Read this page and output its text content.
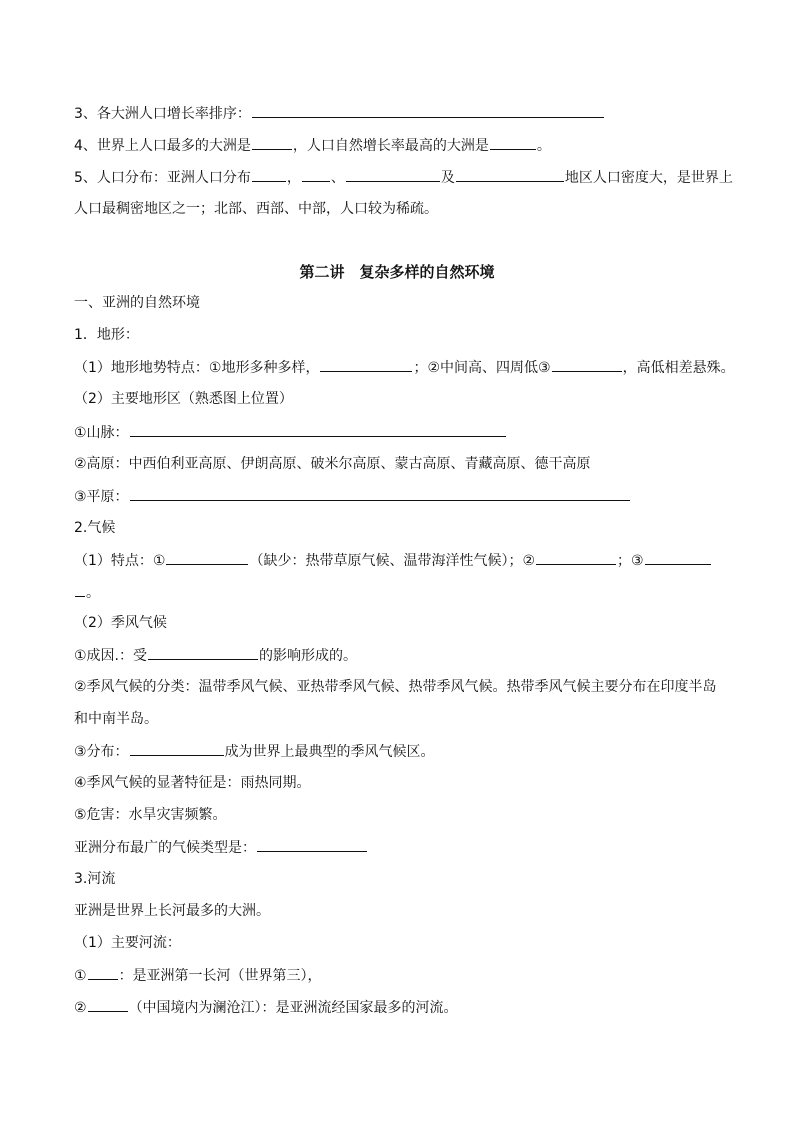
3、各大洲人口增长率排序：
4、世界上人口最多的大洲是	，人口自然增长率最高的大洲是	。
5、人口分布：亚洲人口分布	， 、	及	地区人口密度大，是世界上
人口最稠密地区之一；北部、西部、中部，人口较为稀疏。
第二讲　复杂多样的自然环境
一、亚洲的自然环境
1．地形：
（1）地形地势特点：①地形多种多样，	；②中间高、四周低③	，高低相差悬殊。
（2）主要地形区（熟悉图上位置）
①山脉：
②高原：中西伯利亚高原、伊朗高原、破米尔高原、蒙古高原、青藏高原、德干高原
③平原：
2.气候
（1）特点：①	（缺少：热带草原气候、温带海洋性气候）；②	；③
。
（2）季风气候
①成因.：受	的影响形成的。
②季风气候的分类：温带季风气候、亚热带季风气候、热带季风气候。热带季风气候主要分布在印度半岛
和中南半岛。
③分布：	成为世界上最典型的季风气候区。
④季风气候的显著特征是：雨热同期。
⑤危害：水旱灾害频繁。
亚洲分布最广的气候类型是：
3.河流
亚洲是世界上长河最多的大洲。
（1）主要河流：
① ：是亚洲第一长河（世界第三），
②	（中国境内为澜沧江）：是亚洲流经国家最多的河流。
